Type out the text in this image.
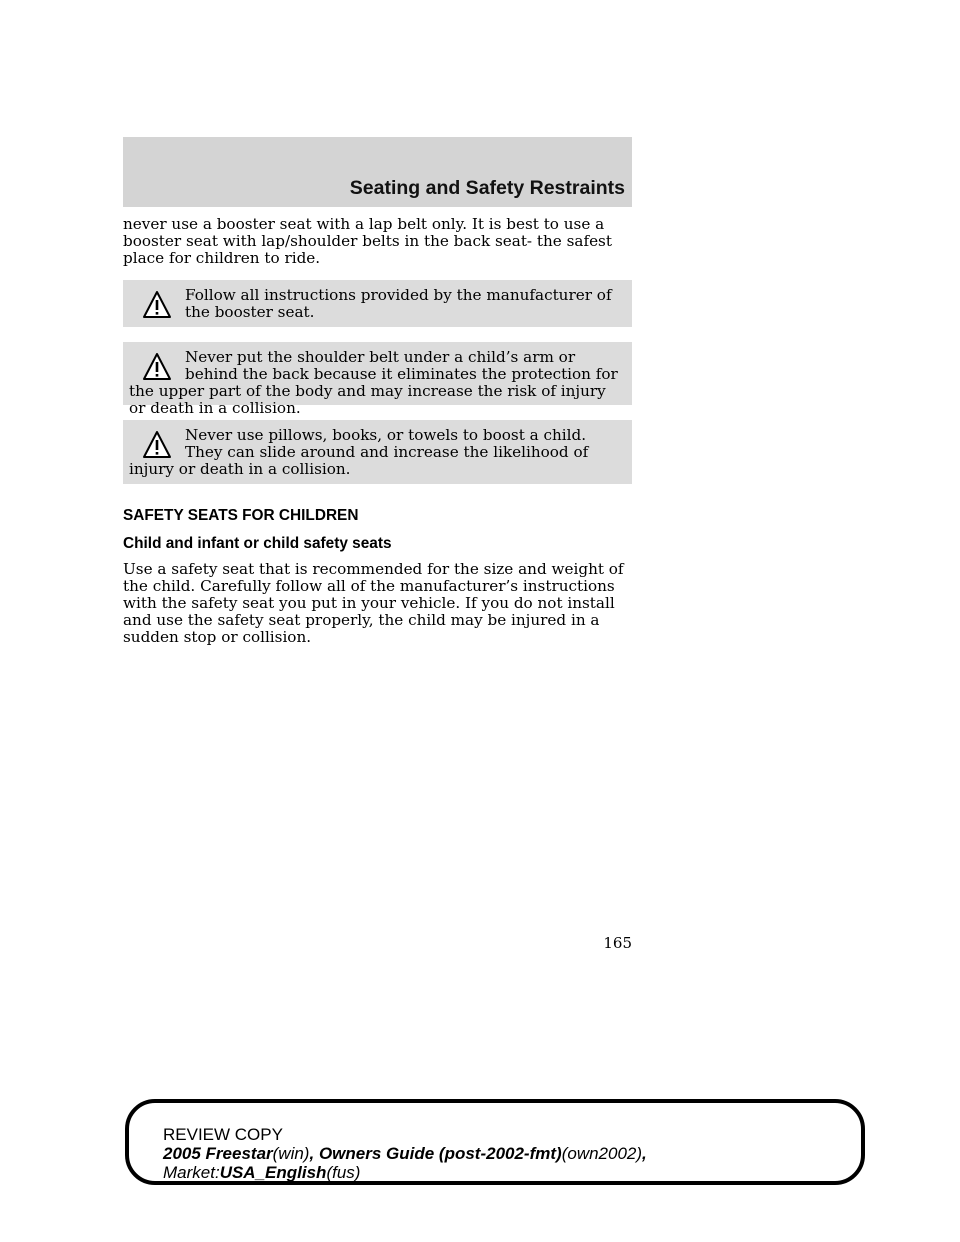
Seating and Safety Restraints
never use a booster seat with a lap belt only. It is best to use a booster seat with lap/shoulder belts in the back seat- the safest place for children to ride.
Follow all instructions provided by the manufacturer of the booster seat.
Never put the shoulder belt under a child’s arm or behind the back because it eliminates the protection for the upper part of the body and may increase the risk of injury or death in a collision.
Never use pillows, books, or towels to boost a child. They can slide around and increase the likelihood of injury or death in a collision.
SAFETY SEATS FOR CHILDREN
Child and infant or child safety seats
Use a safety seat that is recommended for the size and weight of the child. Carefully follow all of the manufacturer’s instructions with the safety seat you put in your vehicle. If you do not install and use the safety seat properly, the child may be injured in a sudden stop or collision.
165
REVIEW COPY
2005 Freestar(win), Owners Guide (post-2002-fmt)(own2002),
Market:USA_English(fus)
